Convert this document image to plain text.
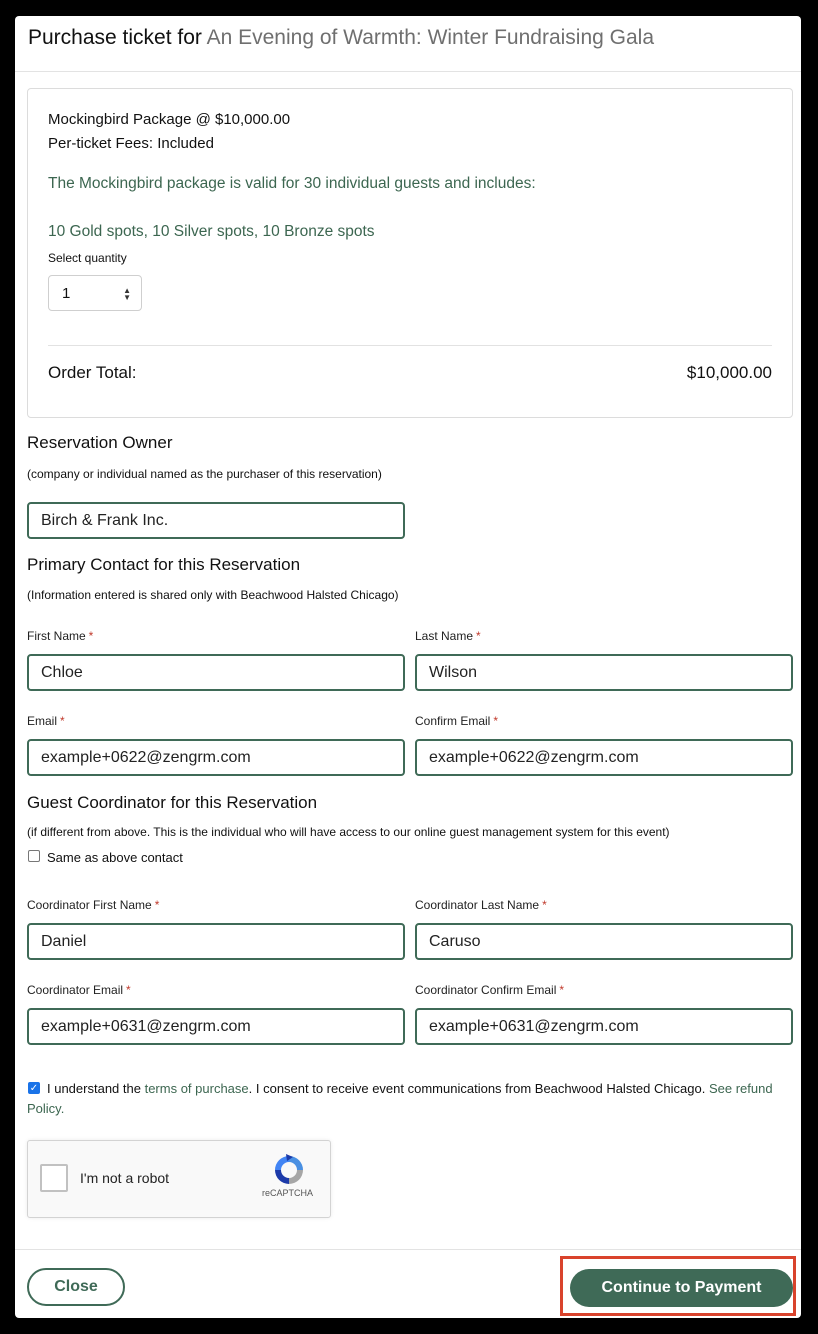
Purchase ticket for An Evening of Warmth: Winter Fundraising Gala
Mockingbird Package @ $10,000.00
Per-ticket Fees: Included
The Mockingbird package is valid for 30 individual guests and includes:
10 Gold spots, 10 Silver spots, 10 Bronze spots
Select quantity
1	▲
▼
Order Total:	$10,000.00
Reservation Owner
(company or individual named as the purchaser of this reservation)
Birch & Frank Inc.
Primary Contact for this Reservation
(Information entered is shared only with Beachwood Halsted Chicago)
First Name *	Last Name *
Chloe	Wilson
Email *	Confirm Email *
example+0622@zengrm.com	example+0622@zengrm.com
Guest Coordinator for this Reservation
(if different from above. This is the individual who will have access to our online guest management system for this event)
Same as above contact
Coordinator First Name *	Coordinator Last Name *
Daniel	Caruso
Coordinator Email *	Coordinator Confirm Email *
example+0631@zengrm.com	example+0631@zengrm.com
✓ I understand the terms of purchase. I consent to receive event communications from Beachwood Halsted Chicago. See refund Policy.
I'm not a robot
reCAPTCHA
Close	Continue to Payment
